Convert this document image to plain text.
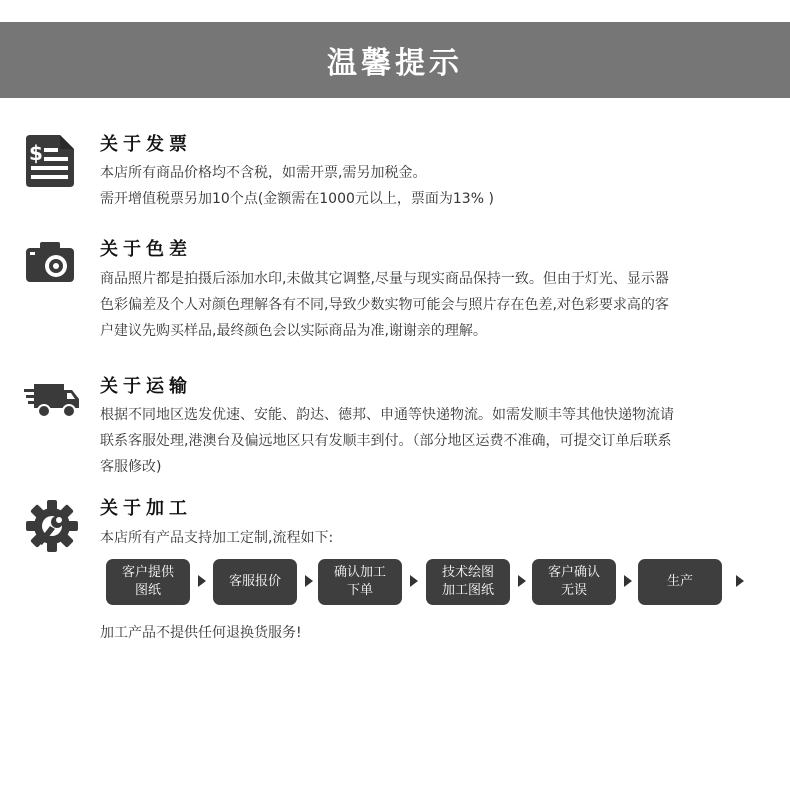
温馨提示
$	关于发票
本店所有商品价格均不含税，如需开票,需另加税金。
需开增值税票另加10个点(金额需在1000元以上，票面为13% )
关于色差
商品照片都是拍摄后添加水印,未做其它调整,尽量与现实商品保持一致。但由于灯光、显示器
色彩偏差及个人对颜色理解各有不同,导致少数实物可能会与照片存在色差,对色彩要求高的客
户建议先购买样品,最终颜色会以实际商品为准,谢谢亲的理解。
关于运输
根据不同地区选发优速、安能、韵达、德邦、申通等快递物流。如需发顺丰等其他快递物流请
联系客服处理,港澳台及偏远地区只有发顺丰到付。（部分地区运费不准确，可提交订单后联系
客服修改)
关于加工
本店所有产品支持加工定制,流程如下:
客户提供
图纸
客服报价
确认加工
下单
技术绘图
加工图纸
客户确认
无误
生产
加工产品不提供任何退换货服务!
